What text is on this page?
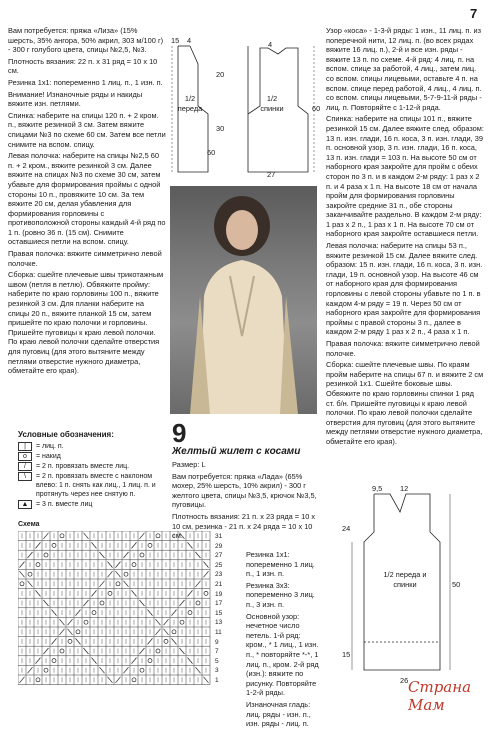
7

Вам потребуется: пряжа «Лиза» (15% шерсть, 35% ангора, 50% акрил, 303 м/100 г) - 300 г голубого цвета, спицы №2,5, №3.

Плотность вязания: 22 п. х 31 ряд = 10 х 10 см.

Резинка 1х1: попеременно 1 лиц. п., 1 изн. п.

Внимание! Изнаночные ряды и накиды вяжите изн. петлями.

Спинка: наберите на спицы 120 п. + 2 кром. п., вяжите резинкой 3 см. Затем вяжите спицами №3 по схеме 60 см. Затем все петли снимите на вспом. спицу.

Левая полочка: наберите на спицы №2,5 60 п. + 2 кром., вяжите резинкой 3 см. Далее вяжите на спицах №3 по схеме 30 см, затем убавьте для формирования проймы с одной стороны 10 п., провяжите 10 см. За тем вяжите 20 см, делая убавления для формирования горловины с противоположной стороны каждый 4-й ряд по 1 п. (ровно 36 п. (15 см). Снимите оставшиеся петли на вспом. спицу.

Правая полочка: вяжите симметрично левой полочке.

Сборка: сшейте плечевые швы трикотажным швом (петля в петлю). Обвяжите пройму: наберите по краю горловины 100 п., вяжите резинкой 3 см. Для планки наберите на спицы 20 п., вяжите планкой 15 см, затем пришейте по краю полочки и горловины. Пришейте пуговицы к краю левой полочки. По краю левой полочки сделайте отверстия для пуговиц (для этого вытяните между петлями отверстие нужного диаметра, обметайте его края).

Условные обозначения:
|	= лиц. п.
o	= накид
/	= 2 п. провязать вместе лиц.
\	= 2 п. провязать вместе с наклоном влево: 1 п. снять как лиц., 1 лиц. п. и протянуть через нее снятую п.
▲	= 3 п. вместе лиц
Схема
31
29
27
25
23
21
19
17
15
13
11
9
7
5
3
1
1/2
переда
1/2
спинки
4
15
20
30
60
4
27
60
9
Желтый жилет с косами

Размер: L

Вам потребуется: пряжа «Лада» (65% мохер, 25% шерсть, 10% акрил) - 300 г желтого цвета, спицы №3,5, крючок №3,5, пуговицы.

Плотность вязания: 21 п. х 23 ряда = 10 х 10 см, резинка - 21 п. х 24 ряда = 10 х 10 см.

Резинка 1х1: попеременно 1 лиц. п., 1 изн. п.

Резинка 3х3: попеременно 3 лиц. п., 3 изн. п.

Основной узор: нечетное число петель. 1-й ряд: кром., * 1 лиц., 1 изн. п., * повторяйте *-*, 1 лиц. п., кром. 2-й ряд (изн.): вяжите по рисунку. Повторяйте 1-2-й ряды.

Изнаночная гладь: лиц. ряды - изн. п., изн. ряды - лиц. п.

Узор «коса» - 1-3-й ряды: 1 изн., 11 лиц. п. из поперечной нити, 12 лиц. п. (во всех рядах вяжите 16 лиц. п.), 2-й и все изн. ряды - вяжите 13 п. по схеме. 4-й ряд: 4 лиц. п. на вспом. спице за работой, 4 лиц., затем лиц. со вспом. спицы лицевыми, оставьте 4 п. на вспом. спице перед работой, 4 лиц., 4 лиц. п. со вспом. спицы лицевыми, 5-7-9-11-й ряды - лиц. п. Повторяйте с 1-12-й ряда.

Спинка: наберите на спицы 101 п., вяжите резинкой 15 см. Далее вяжите след. образом: 13 п. изн. глади, 16 п. коса, 3 п. изн. глади, 39 п. основной узор, 3 п. изн. глади, 16 п. коса, 13 п. изн. глади = 103 п. На высоте 50 см от наборного края закройте для пройм с обеих сторон по 3 п. и в каждом 2-м ряду: 1 раз х 2 п. и 4 раза х 1 п. На высоте 18 см от начала пройм для формирования горловины закройте средние 31 п., обе стороны заканчивайте раздельно. В каждом 2-м ряду: 1 раз х 2 п., 1 раз х 1 п. На высоте 70 см от наборного края закройте оставшиеся петли.

Левая полочка: наберите на спицы 53 п., вяжите резинкой 15 см. Далее вяжите след. образом: 15 п. изн. глади, 16 п. коса, 3 п. изн. глади, 19 п. основной узор. На высоте 46 см от наборного края для формирования горловины с левой стороны убавьте по 1 п. в каждом 4-м ряду = 19 п. Через 50 см от наборного края закройте для формирования проймы с правой стороны 3 п., далее в каждом 2-м ряду 1 раз х 2 п., 4 раза х 1 п.

Правая полочка: вяжите симметрично левой полочке.

Сборка: сшейте плечевые швы. По краям пройм наберите на спицы 67 п. и вяжите 2 см резинкой 1х1. Сшейте боковые швы. Обвяжите по краю горловины спинки 1 ряд ст. б/н. Пришейте пуговицы к краю левой полочки. По краю левой полочки сделайте отверстия для пуговиц (для этого вытяните между петлями отверстие нужного диаметра, обметайте его края).

1/2 переда и спинки
9,5 12
24
15
50
26 Страна Мам
